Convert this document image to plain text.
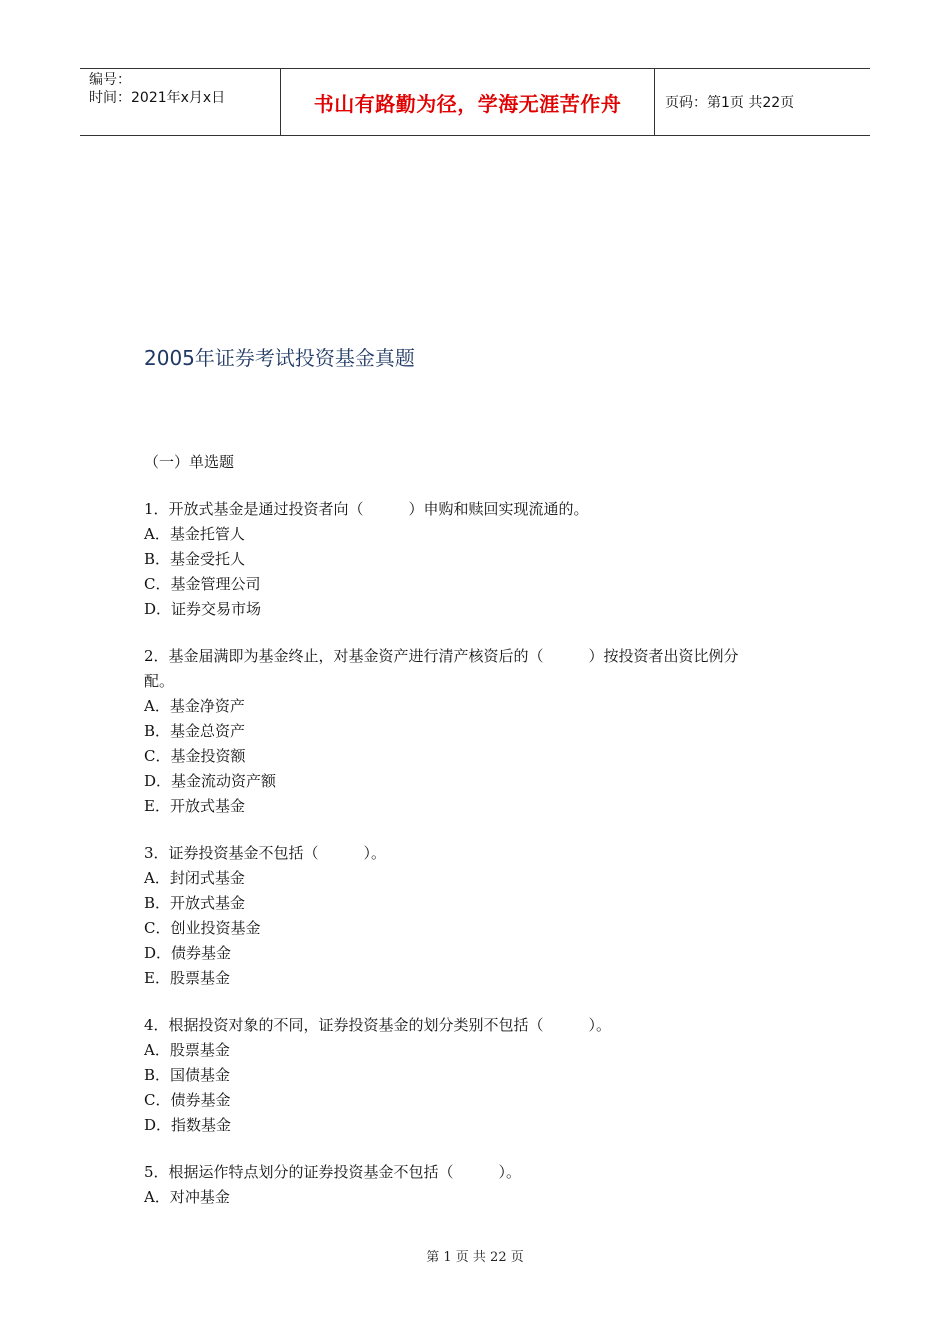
编号：
时间：2021年x月x日	书山有路勤为径，学海无涯苦作舟	页码：第1页 共22页
2005年证券考试投资基金真题
（一）单选题
1．开放式基金是通过投资者向（　　　）申购和赎回实现流通的。
A．基金托管人
B．基金受托人
C．基金管理公司
D．证券交易市场
2．基金届满即为基金终止，对基金资产进行清产核资后的（　　　）按投资者出资比例分
配。
A．基金净资产
B．基金总资产
C．基金投资额
D．基金流动资产额
E．开放式基金
3．证券投资基金不包括（　　　）。
A．封闭式基金
B．开放式基金
C．创业投资基金
D．债券基金
E．股票基金
4．根据投资对象的不同，证券投资基金的划分类别不包括（　　　）。
A．股票基金
B．国债基金
C．债券基金
D．指数基金
5．根据运作特点划分的证券投资基金不包括（　　　）。
A．对冲基金
第 1 页 共 22 页
